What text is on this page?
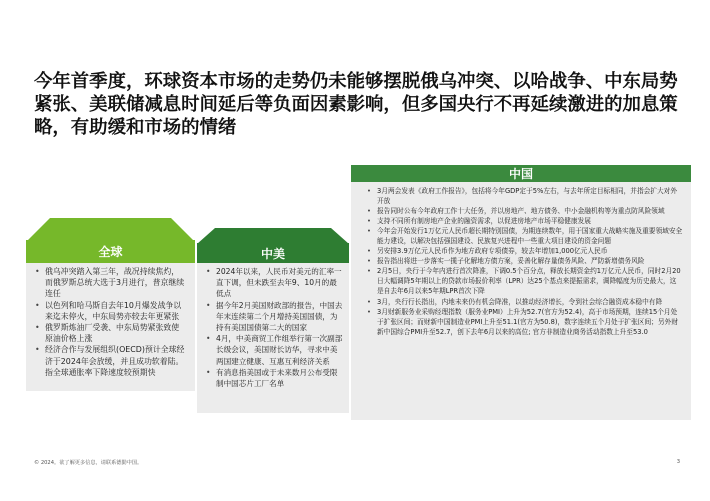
今年首季度，环球资本市场的走势仍未能够摆脱俄乌冲突、以哈战争、中东局势紧张、美联储减息时间延后等负面因素影响，但多国央行不再延续激进的加息策略，有助缓和市场的情绪
全球
• 俄乌冲突踏入第三年，战况持续焦灼，而俄罗斯总统大选于3月进行，普京继续连任
• 以色列和哈马斯自去年10月爆发战争以来迄未停火，中东局势亦较去年更紧张
• 俄罗斯炼油厂受袭、中东局势紧张致使原油价格上涨
• 经济合作与发展组织(OECD)预计全球经济于2024年会放缓，并且成功软着陆。指全球通胀率下降速度较预期快
中美
• 2024年以来，人民币对美元的汇率一直下调，但未跌至去年9、10月的最低点
• 据今年2月美国财政部的报告，中国去年末连续第二个月增持美国国债，为持有美国国债第二大的国家
• 4月，中美商贸工作组举行第一次副部长级会议，美国财长访华，寻求中美两国建立健康、互惠互利经济关系
• 有消息指美国或于未来数月公布受限制中国芯片工厂名单
中国
• 3月两会发表《政府工作报告》，包括将今年GDP定于5%左右，与去年所定目标相同，并指会扩大对外开放
• 报告同时公布今年政府工作十大任务，并以房地产、地方债务、中小金融机构等为重点防风险领域
• 支持不同所有制房地产企业的融资需求，以促进房地产市场平稳健康发展
• 今年会开始发行1万亿元人民币超长期特别国债，为期连续数年，用于国家重大战略实施及重要领域安全能力建设，以解决包括强国建设、民族复兴进程中一些重大项目建设的资金问题
• 另安排3.9万亿元人民币作为地方政府专项债券，较去年增加1,000亿元人民币
• 报告指出将进一步落实一揽子化解地方债方案，妥善化解存量债务风险、严防新增债务风险
• 2月5日，央行于今年内进行首次降准，下调0.5个百分点，释放长期资金约1万亿元人民币，同时2月20日大幅调降5年期以上的贷款市场报价利率（LPR）达25个基点来提振需求，调降幅度为历史最大，这是自去年6月以来5年期LPR首次下降
• 3月，央行行长指出，内地未来仍有机会降准，以推动经济增长，令到社会综合融资成本稳中有降
• 3月财新服务业采购经理指数（服务业PMI）上升为52.7(官方为52.4)，高于市场预期，连续15个月处于扩张区间；而财新中国制造业PMI上升至51.1(官方为50.8)，数字连续五个月处于扩张区间；另外财新中国综合PMI升至52.7，创下去年6月以来的高位; 官方非制造业商务活动指数上升至53.0
© 2024。欲了解更多信息，请联系德勤中国。	3
